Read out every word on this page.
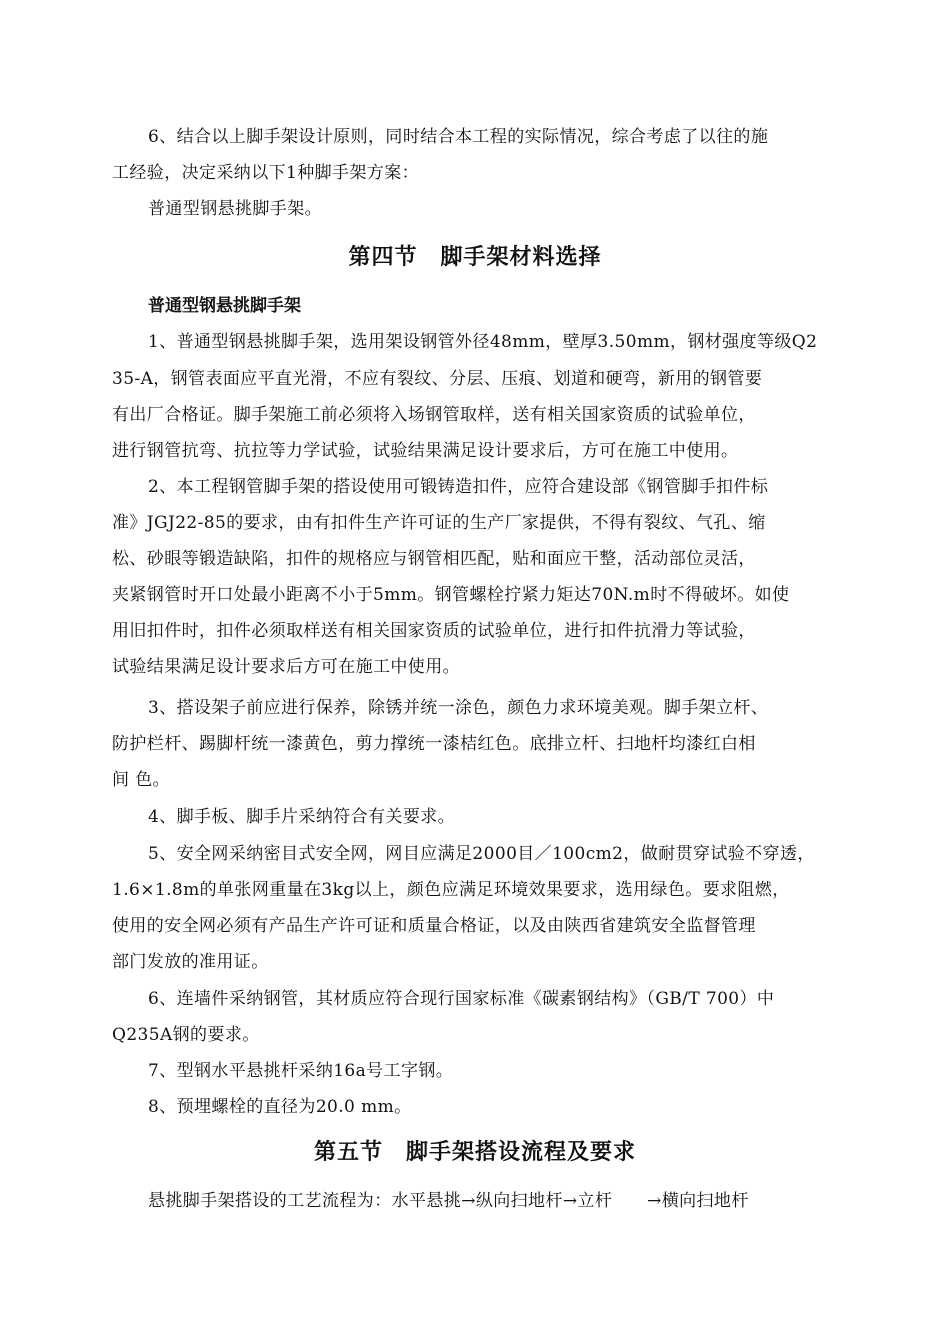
6、结合以上脚手架设计原则，同时结合本工程的实际情况，综合考虑了以往的施
工经验，决定采纳以下1种脚手架方案：
普通型钢悬挑脚手架。
第四节　脚手架材料选择
普通型钢悬挑脚手架
1、普通型钢悬挑脚手架，选用架设钢管外径48mm，壁厚3.50mm，钢材强度等级Q2
35-A，钢管表面应平直光滑，不应有裂纹、分层、压痕、划道和硬弯，新用的钢管要
有出厂合格证。脚手架施工前必须将入场钢管取样，送有相关国家资质的试验单位，
进行钢管抗弯、抗拉等力学试验，试验结果满足设计要求后，方可在施工中使用。
2、本工程钢管脚手架的搭设使用可锻铸造扣件，应符合建设部《钢管脚手扣件标
准》JGJ22-85的要求，由有扣件生产许可证的生产厂家提供，不得有裂纹、气孔、缩
松、砂眼等锻造缺陷，扣件的规格应与钢管相匹配，贴和面应干整，活动部位灵活，
夹紧钢管时开口处最小距离不小于5mm。钢管螺栓拧紧力矩达70N.m时不得破坏。如使
用旧扣件时，扣件必须取样送有相关国家资质的试验单位，进行扣件抗滑力等试验，
试验结果满足设计要求后方可在施工中使用。
3、搭设架子前应进行保养，除锈并统一涂色，颜色力求环境美观。脚手架立杆、
防护栏杆、踢脚杆统一漆黄色，剪力撑统一漆桔红色。底排立杆、扫地杆均漆红白相
间 色。
4、脚手板、脚手片采纳符合有关要求。
5、安全网采纳密目式安全网，网目应满足2000目／100cm2，做耐贯穿试验不穿透，
1.6×1.8m的单张网重量在3kg以上，颜色应满足环境效果要求，选用绿色。要求阻燃，
使用的安全网必须有产品生产许可证和质量合格证，以及由陕西省建筑安全监督管理
部门发放的准用证。
6、连墙件采纳钢管，其材质应符合现行国家标准《碳素钢结构》（GB/T 700）中
Q235A钢的要求。
7、型钢水平悬挑杆采纳16a号工字钢。
8、预埋螺栓的直径为20.0 mm。
第五节　脚手架搭设流程及要求
悬挑脚手架搭设的工艺流程为：水平悬挑→纵向扫地杆→立杆　　→横向扫地杆
